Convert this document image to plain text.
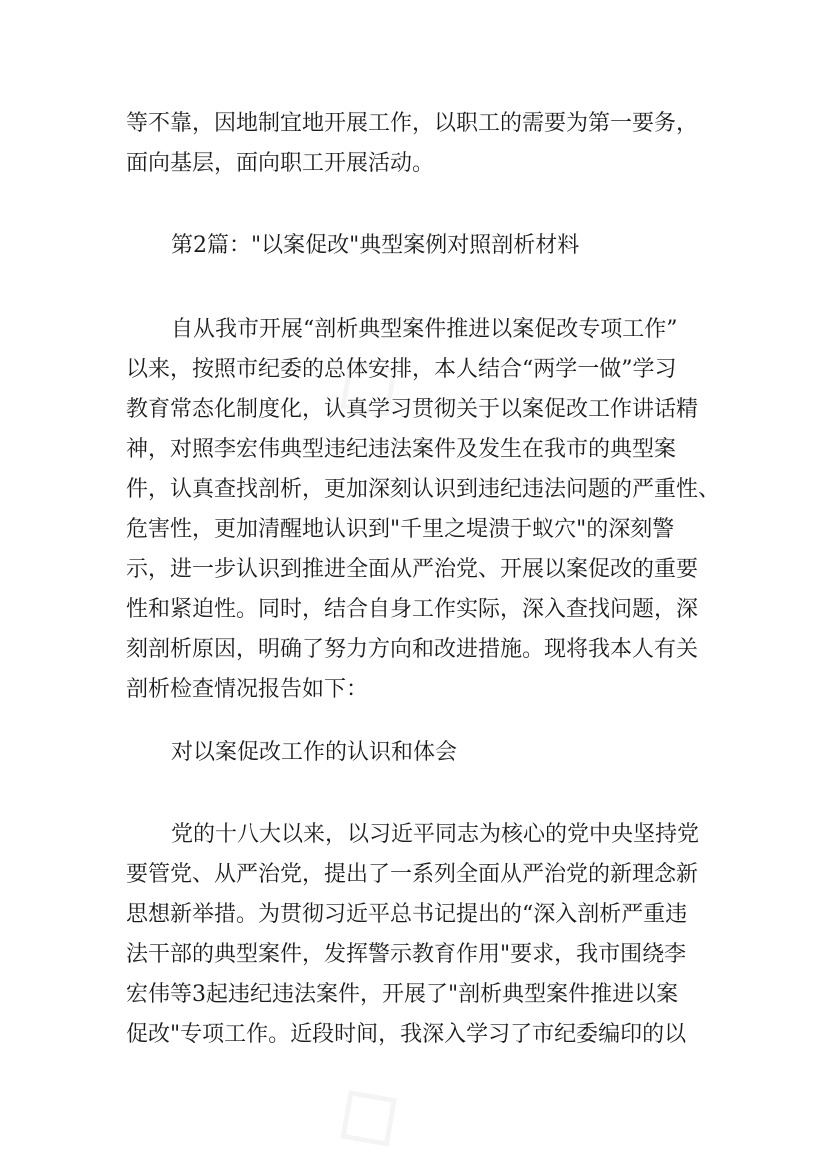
◇
◇

等不靠，因地制宜地开展工作，以职工的需要为第一要务，

面向基层，面向职工开展活动。

第2篇："以案促改"典型案例对照剖析材料

自从我市开展“剖析典型案件推进以案促改专项工作”

以来，按照市纪委的总体安排，本人结合“两学一做”学习

教育常态化制度化，认真学习贯彻关于以案促改工作讲话精

神，对照李宏伟典型违纪违法案件及发生在我市的典型案

件，认真查找剖析，更加深刻认识到违纪违法问题的严重性、

危害性，更加清醒地认识到"千里之堤溃于蚁穴"的深刻警

示，进一步认识到推进全面从严治党、开展以案促改的重要

性和紧迫性。同时，结合自身工作实际，深入查找问题，深

刻剖析原因，明确了努力方向和改进措施。现将我本人有关

剖析检查情况报告如下：

对以案促改工作的认识和体会

党的十八大以来，以习近平同志为核心的党中央坚持党

要管党、从严治党，提出了一系列全面从严治党的新理念新

思想新举措。为贯彻习近平总书记提出的“深入剖析严重违

法干部的典型案件，发挥警示教育作用"要求，我市围绕李

宏伟等3起违纪违法案件，开展了"剖析典型案件推进以案

促改"专项工作。近段时间，我深入学习了市纪委编印的以
